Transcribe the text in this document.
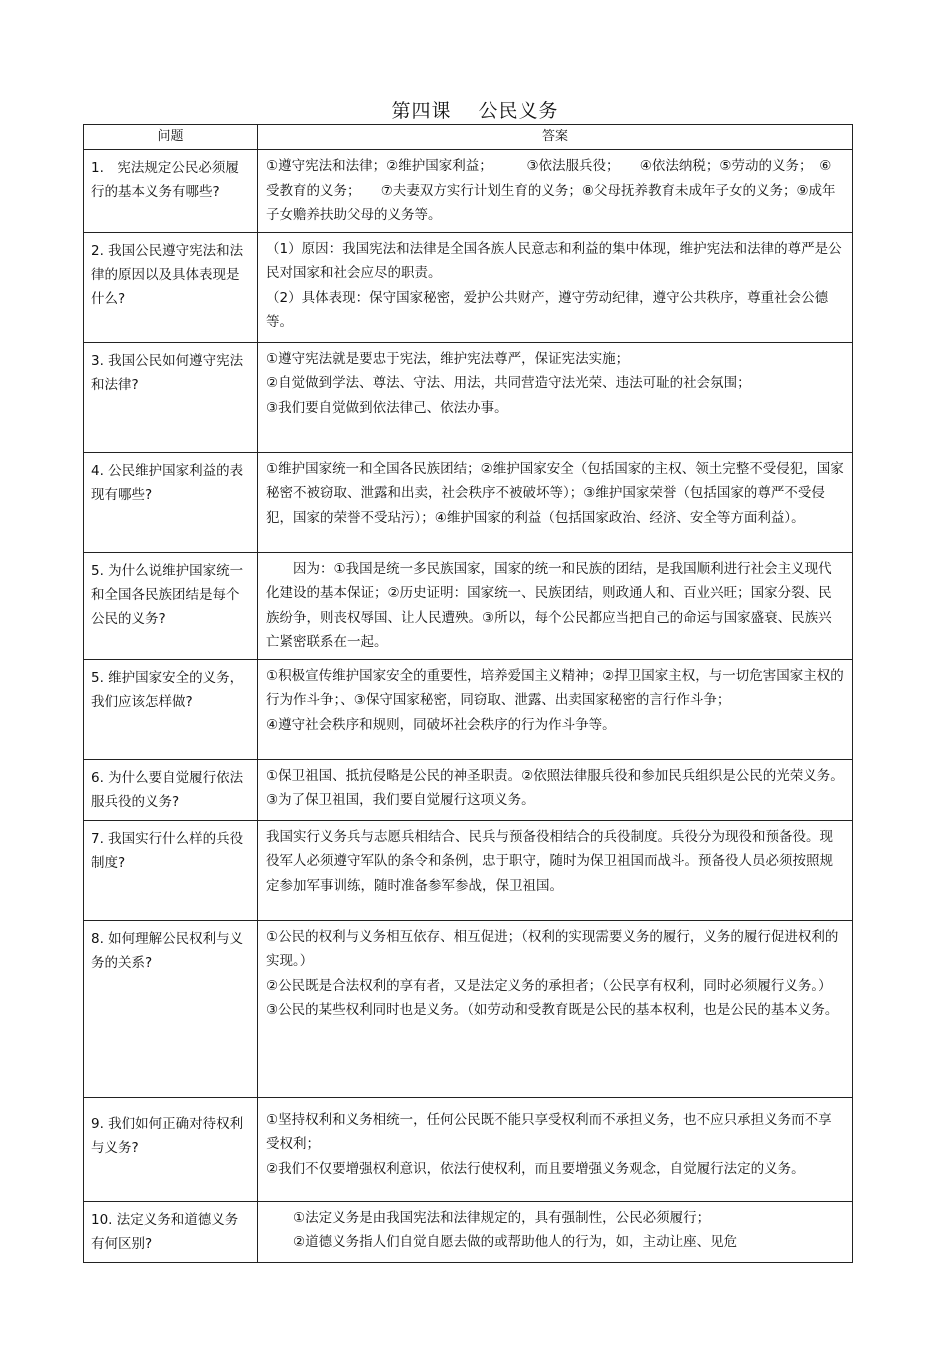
第四课　 公民义务
问题	答案
1.　宪法规定公民必须履行的基本义务有哪些?	①遵守宪法和法律；②维护国家利益；　　　③依法服兵役；　　④依法纳税；⑤劳动的义务；　⑥受教育的义务；　　⑦夫妻双方实行计划生育的义务；⑧父母抚养教育未成年子女的义务；⑨成年子女赡养扶助父母的义务等。

2. 我国公民遵守宪法和法律的原因以及具体表现是什么?	（1）原因：我国宪法和法律是全国各族人民意志和利益的集中体现，维护宪法和法律的尊严是公民对国家和社会应尽的职责。
（2）具体表现：保守国家秘密，爱护公共财产，遵守劳动纪律，遵守公共秩序，尊重社会公德等。

3. 我国公民如何遵守宪法和法律?	①遵守宪法就是要忠于宪法，维护宪法尊严，保证宪法实施；
②自觉做到学法、尊法、守法、用法，共同营造守法光荣、违法可耻的社会氛围；
③我们要自觉做到依法律己、依法办事。

4. 公民维护国家利益的表现有哪些?	①维护国家统一和全国各民族团结；②维护国家安全（包括国家的主权、领土完整不受侵犯，国家秘密不被窃取、泄露和出卖，社会秩序不被破坏等）；③维护国家荣誉（包括国家的尊严不受侵犯，国家的荣誉不受玷污）；④维护国家的利益（包括国家政治、经济、安全等方面利益）。

5. 为什么说维护国家统一和全国各民族团结是每个公民的义务?	因为：①我国是统一多民族国家，国家的统一和民族的团结，是我国顺利进行社会主义现代化建设的基本保证；②历史证明：国家统一、民族团结，则政通人和、百业兴旺；国家分裂、民族纷争，则丧权辱国、让人民遭殃。③所以，每个公民都应当把自己的命运与国家盛衰、民族兴亡紧密联系在一起。

5. 维护国家安全的义务，我们应该怎样做?	①积极宣传维护国家安全的重要性，培养爱国主义精神；②捍卫国家主权，与一切危害国家主权的行为作斗争；、③保守国家秘密，同窃取、泄露、出卖国家秘密的言行作斗争；
④遵守社会秩序和规则，同破坏社会秩序的行为作斗争等。

6. 为什么要自觉履行依法服兵役的义务?	①保卫祖国、抵抗侵略是公民的神圣职责。②依照法律服兵役和参加民兵组织是公民的光荣义务。③为了保卫祖国，我们要自觉履行这项义务。

7. 我国实行什么样的兵役制度?	我国实行义务兵与志愿兵相结合、民兵与预备役相结合的兵役制度。兵役分为现役和预备役。现役军人必须遵守军队的条令和条例，忠于职守，随时为保卫祖国而战斗。预备役人员必须按照规定参加军事训练，随时准备参军参战，保卫祖国。

8. 如何理解公民权利与义务的关系?	①公民的权利与义务相互依存、相互促进；（权利的实现需要义务的履行，义务的履行促进权利的实现。）
②公民既是合法权利的享有者，又是法定义务的承担者；（公民享有权利，同时必须履行义务。）
③公民的某些权利同时也是义务。（如劳动和受教育既是公民的基本权利，也是公民的基本义务。

9. 我们如何正确对待权利与义务?	①坚持权利和义务相统一，任何公民既不能只享受权利而不承担义务，也不应只承担义务而不享受权利；
②我们不仅要增强权利意识，依法行使权利，而且要增强义务观念，自觉履行法定的义务。

10. 法定义务和道德义务有何区别?	①法定义务是由我国宪法和法律规定的，具有强制性，公民必须履行；
②道德义务指人们自觉自愿去做的或帮助他人的行为，如，主动让座、见危
